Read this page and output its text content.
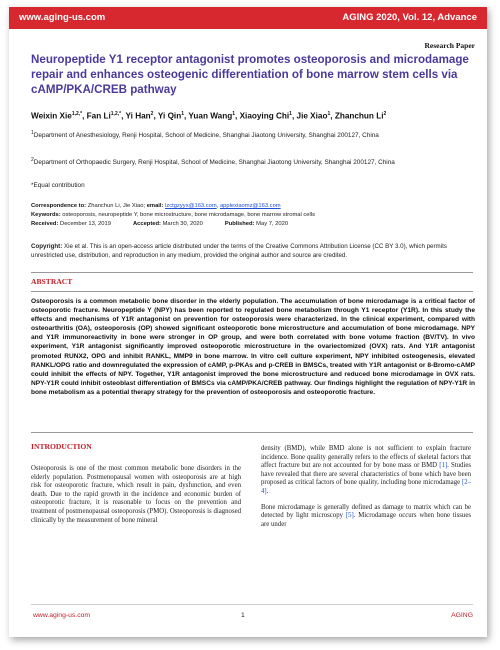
www.aging-us.com	AGING 2020, Vol. 12, Advance
Research Paper
Neuropeptide Y1 receptor antagonist promotes osteoporosis and microdamage repair and enhances osteogenic differentiation of bone marrow stem cells via cAMP/PKA/CREB pathway
Weixin Xie$^{1,2,*}$, Fan $Li^{1,2,*}$, Yi Han$^2$, Yi Qin$^1$, Yuan Wang$^1$, Xiaoying Chi$^1$, Jie Xiao$^1$, Zhanchun Li$^2$
$^1$Department of Anesthesiology, Renji Hospital, School of Medicine, Shanghai Jiaotong University, Shanghai 200127, China
$^2$Department of Orthopaedic Surgery, Renji Hospital, School of Medicine, Shanghai Jiaotong University, Shanghai 200127, China
*Equal contribution
Correspondence to: Zhanchun Li, Jie Xiao; email: lzctgzyyx@163.com, applexiaomz@163.com
Keywords: osteoporosis, neuropeptide Y, bone microstructure, bone microdamage, bone marrow stromal cells
Received: December 13, 2019	Accepted: March 30, 2020	Published: May 7, 2020
Copyright: Xie et al. This is an open-access article distributed under the terms of the Creative Commons Attribution License (CC BY 3.0), which permits unrestricted use, distribution, and reproduction in any medium, provided the original author and source are credited.
ABSTRACT
Osteoporosis is a common metabolic bone disorder in the elderly population. The accumulation of bone microdamage is a critical factor of osteoporotic fracture. Neuropeptide Y (NPY) has been reported to regulated bone metabolism through Y1 receptor (Y1R). In this study the effects and mechanisms of Y1R antagonist on prevention for osteoporosis were characterized. In the clinical experiment, compared with osteoarthritis (OA), osteoporosis (OP) showed significant osteoporotic bone microstructure and accumulation of bone microdamage. NPY and Y1R immunoreactivity in bone were stronger in OP group, and were both correlated with bone volume fraction (BV/TV). In vivo experiment, Y1R antagonist significantly improved osteoporotic microstructure in the ovariectomized (OVX) rats. And Y1R antagonist promoted RUNX2, OPG and inhibit RANKL, MMP9 in bone marrow. In vitro cell culture experiment, NPY inhibited osteogenesis, elevated RANKL/OPG ratio and downregulated the expression of cAMP, p-PKAs and p-CREB in BMSCs, treated with Y1R antagonist or 8-Bromo-cAMP could inhibit the effects of NPY. Together, Y1R antagonist improved the bone microstructure and reduced bone microdamage in OVX rats. NPY-Y1R could inhibit osteoblast differentiation of BMSCs via cAMP/PKA/CREB pathway. Our findings highlight the regulation of NPY-Y1R in bone metabolism as a potential therapy strategy for the prevention of osteoporosis and osteoporotic fracture.
INTRODUCTION

Osteoporosis is one of the most common metabolic bone disorders in the elderly population. Postmenopausal women with osteoporosis are at high risk for osteoporotic fracture, which result in pain, dysfunction, and even death. Due to the rapid growth in the incidence and economic burden of osteoporotic fracture, it is reasonable to focus on the prevention and treatment of postmenopausal osteoporosis (PMO). Osteoporosis is diagnosed clinically by the measurement of bone mineral

density (BMD), while BMD alone is not sufficient to explain fracture incidence. Bone quality generally refers to the effects of skeletal factors that affect fracture but are not accounted for by bone mass or BMD [1]. Studies have revealed that there are several characteristics of bone which have been proposed as critical factors of bone quality, including bone microdamage [2–4].

Bone microdamage is generally defined as damage to matrix which can be detected by light microscopy [5]. Microdamage occurs when bone tissues are under

www.aging-us.com	1	AGING
